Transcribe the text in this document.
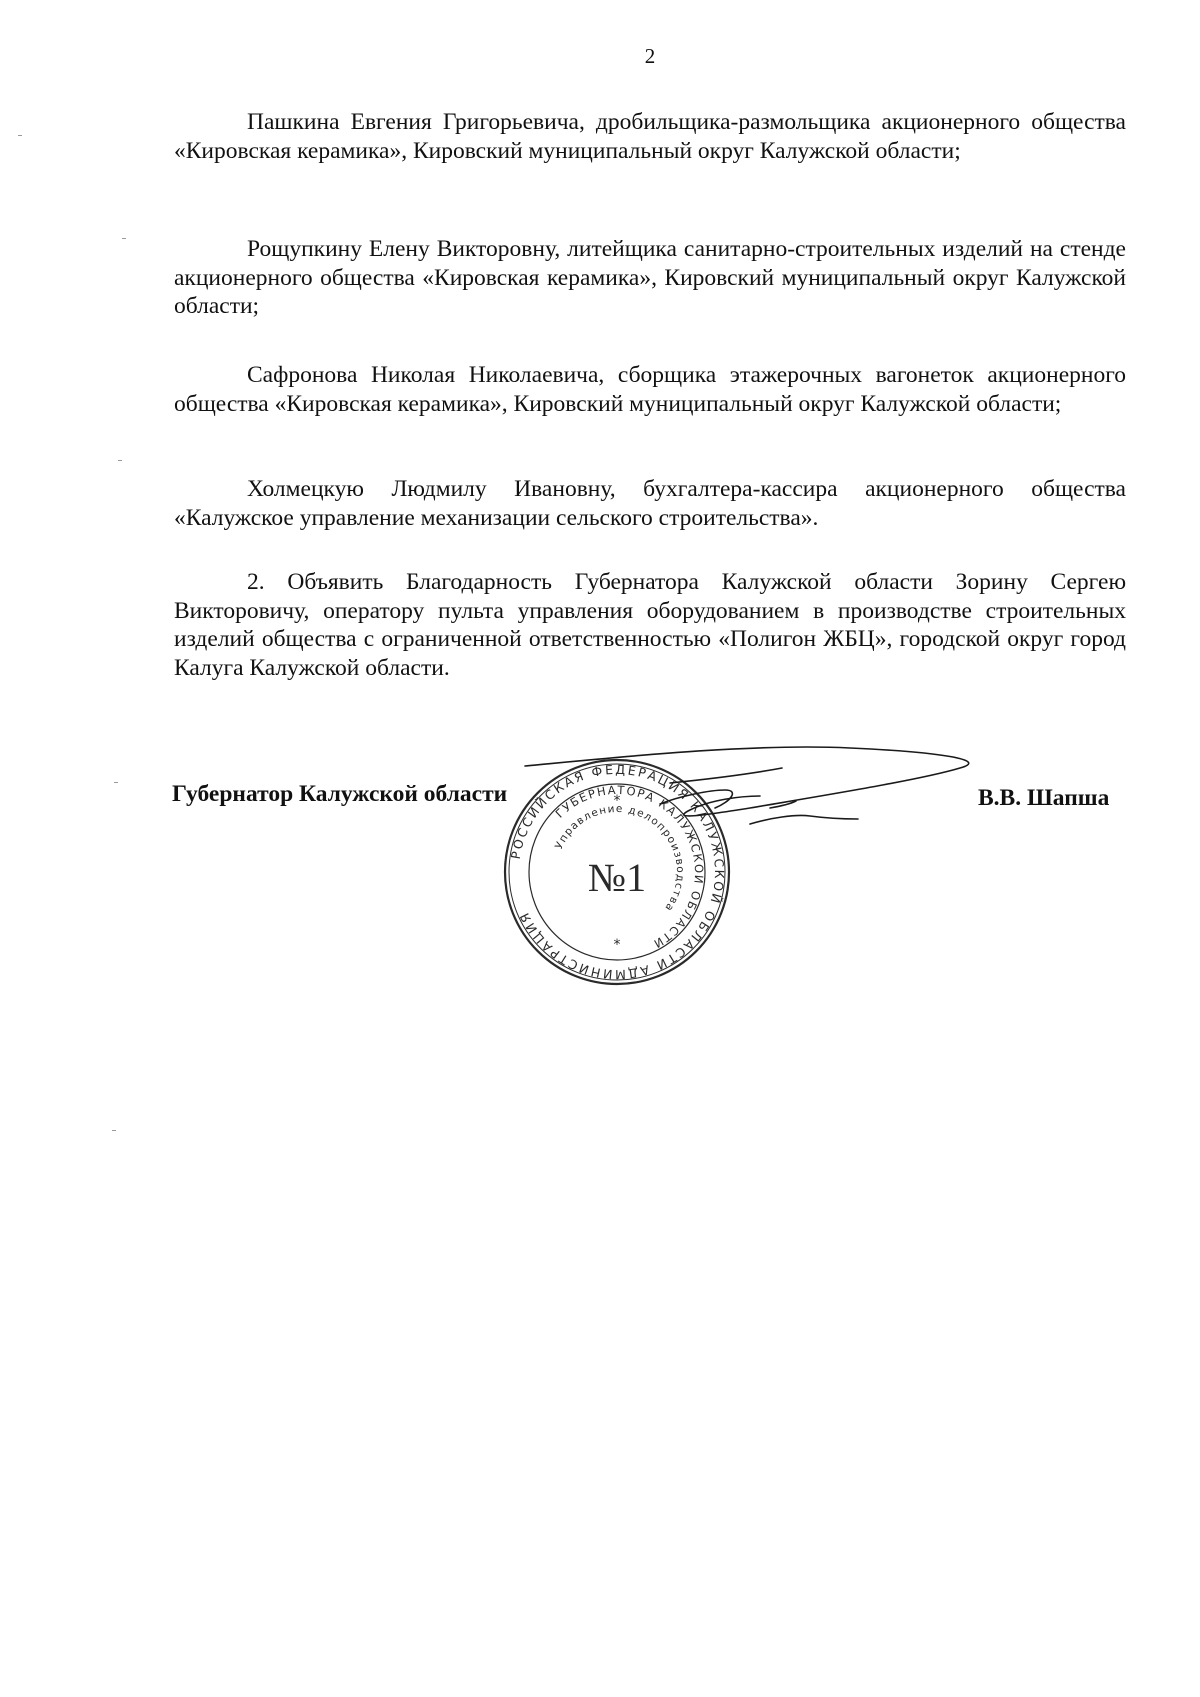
2

Пашкина Евгения Григорьевича, дробильщика-размольщика акционерного общества «Кировская керамика», Кировский муниципальный округ Калужской области;

Рощупкину Елену Викторовну, литейщика санитарно-строительных изделий на стенде акционерного общества «Кировская керамика», Кировский муниципальный округ Калужской области;

Сафронова Николая Николаевича, сборщика этажерочных вагонеток акционерного общества «Кировская керамика», Кировский муниципальный округ Калужской области;

Холмецкую Людмилу Ивановну, бухгалтера-кассира акционерного общества «Калужское управление механизации сельского строительства».

2. Объявить Благодарность Губернатора Калужской области Зорину Сергею Викторовичу, оператору пульта управления оборудованием в производстве строительных изделий общества с ограниченной ответственностью «Полигон ЖБЦ», городской округ город Калуга Калужской области.

Губернатор Калужской области	В.В. Шапша
РОССИЙСКАЯ ФЕДЕРАЦИЯ КАЛУЖСКОЙ ОБЛАСТИ АДМИНИСТРАЦИЯ
ГУБЕРНАТОРА КАЛУЖСКОЙ ОБЛАСТИ
Управление делопроизводства
№1
*
*
